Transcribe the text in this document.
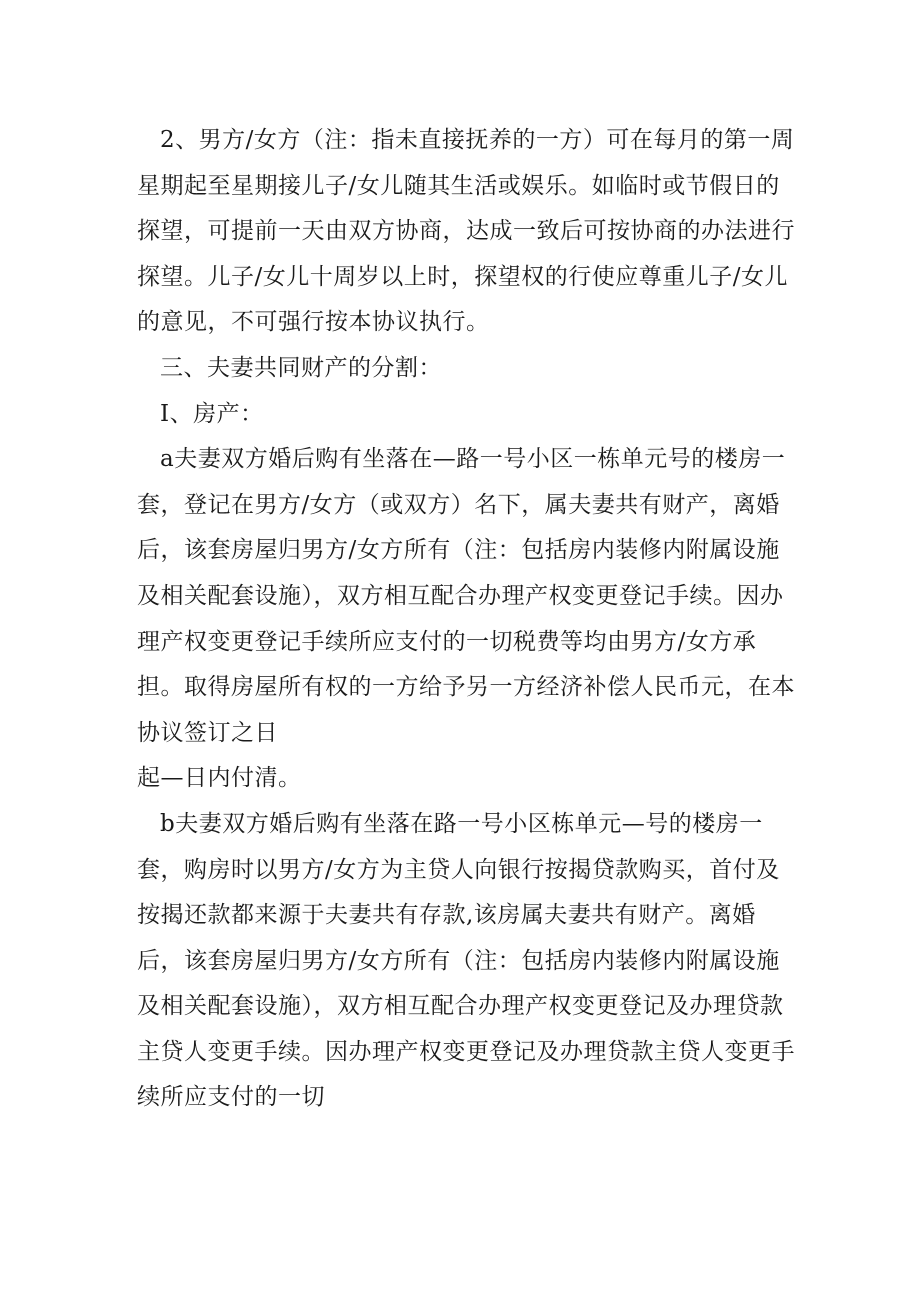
2、男方/女方（注：指未直接抚养的一方）可在每月的第一周
星期起至星期接儿子/女儿随其生活或娱乐。如临时或节假日的
探望，可提前一天由双方协商，达成一致后可按协商的办法进行
探望。儿子/女儿十周岁以上时，探望权的行使应尊重儿子/女儿
的意见，不可强行按本协议执行。
三、夫妻共同财产的分割：
I、房产：
a夫妻双方婚后购有坐落在—路一号小区一栋单元号的楼房一
套，登记在男方/女方（或双方）名下，属夫妻共有财产，离婚
后，该套房屋归男方/女方所有（注：包括房内装修内附属设施
及相关配套设施），双方相互配合办理产权变更登记手续。因办
理产权变更登记手续所应支付的一切税费等均由男方/女方承
担。取得房屋所有权的一方给予另一方经济补偿人民币元，在本
协议签订之日
起—日内付清。
b夫妻双方婚后购有坐落在路一号小区栋单元—号的楼房一
套，购房时以男方/女方为主贷人向银行按揭贷款购买，首付及
按揭还款都来源于夫妻共有存款,该房属夫妻共有财产。离婚
后，该套房屋归男方/女方所有（注：包括房内装修内附属设施
及相关配套设施），双方相互配合办理产权变更登记及办理贷款
主贷人变更手续。因办理产权变更登记及办理贷款主贷人变更手
续所应支付的一切
